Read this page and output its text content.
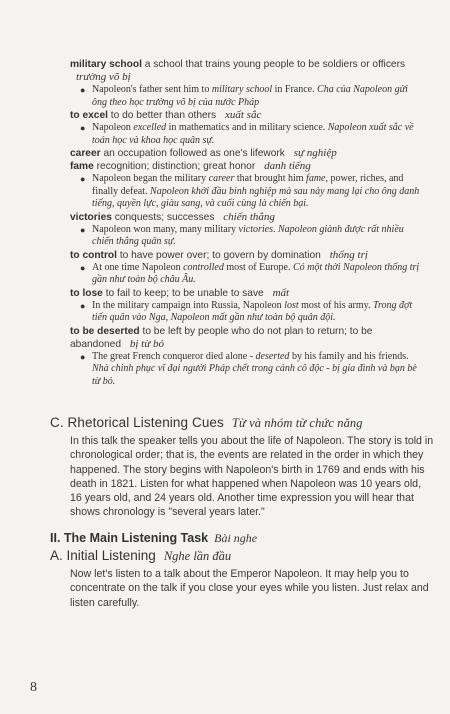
military school a school that trains young people to be soldiers or officers trường võ bị
● Napoleon's father sent him to military school in France. Cha của Napoleon gửi ông theo học trường võ bị của nước Pháp
to excel to do better than others xuất sắc
● Napoleon excelled in mathematics and in military science. Napoleon xuất sắc về toán học và khoa học quân sự.
career an occupation followed as one's lifework sự nghiệp
fame recognition; distinction; great honor danh tiếng
● Napoleon began the military career that brought him fame, power, riches, and finally defeat. Napoleon khởi đầu binh nghiệp mà sau này mang lại cho ông danh tiếng, quyền lực, giàu sang, và cuối cùng là chiến bại.
victories conquests; successes chiến thắng
● Napoleon won many, many military victories. Napoleon giành được rất nhiều chiến thắng quân sự.
to control to have power over; to govern by domination thống trị
● At one time Napoleon controlled most of Europe. Có một thời Napoleon thống trị gần như toàn bộ châu Âu.
to lose to fail to keep; to be unable to save mất
● In the military campaign into Russia, Napoleon lost most of his army. Trong đợt tiến quân vào Nga, Napoleon mất gần như toàn bộ quân đội.
to be deserted to be left by people who do not plan to return; to be abandoned bị từ bỏ
● The great French conqueror died alone - deserted by his family and his friends. Nhà chinh phục vĩ đại người Pháp chết trong cảnh cô độc - bị gia đình và bạn bè từ bỏ.
C. Rhetorical Listening Cues Từ và nhóm từ chức năng

In this talk the speaker tells you about the life of Napoleon. The story is told in chronological order; that is, the events are related in the order in which they happened. The story begins with Napoleon's birth in 1769 and ends with his death in 1821. Listen for what happened when Napoleon was 10 years old, 16 years old, and 24 years old. Another time expression you will hear that shows chronology is "several years later."

II. The Main Listening Task Bài nghe
A. Initial Listening Nghe lần đầu

Now let's listen to a talk about the Emperor Napoleon. It may help you to concentrate on the talk if you close your eyes while you listen. Just relax and listen carefully.

8
